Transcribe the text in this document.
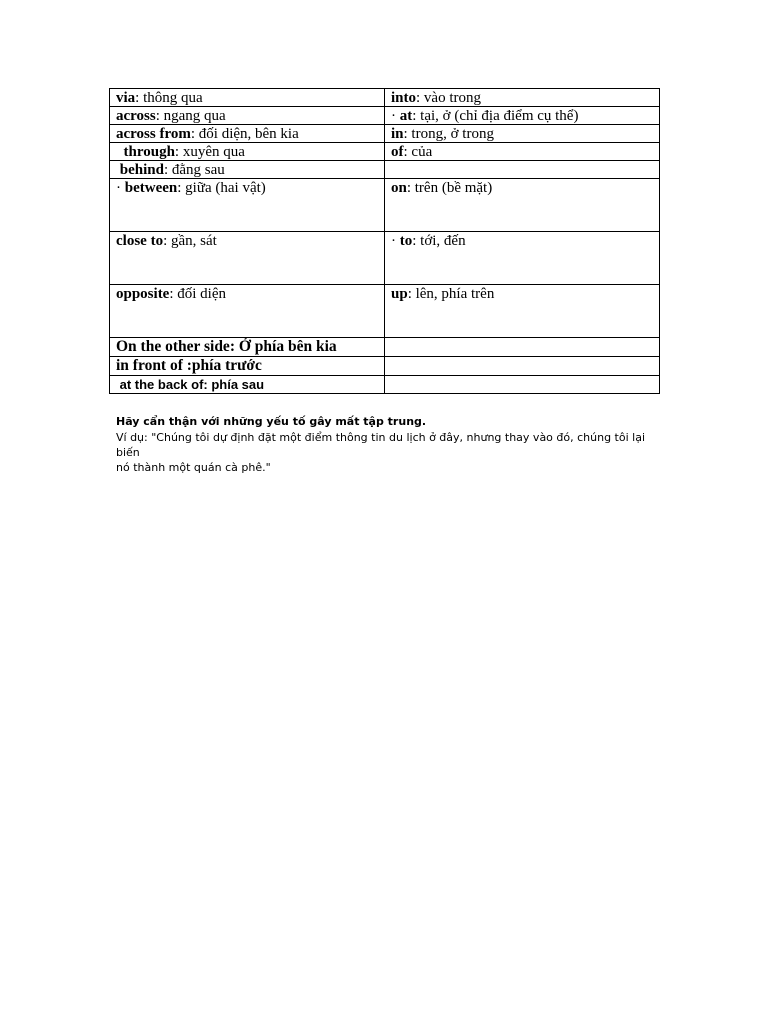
via: thông qua	into: vào trong
across: ngang qua	· at: tại, ở (chỉ địa điểm cụ thể)
across from: đối diện, bên kia	in: trong, ở trong
through: xuyên qua	of: của
behind: đằng sau	
· between: giữa (hai vật)	on: trên (bề mặt)
close to: gần, sát	· to: tới, đến
opposite: đối diện	up: lên, phía trên
On the other side: Ở phía bên kia	
in front of :phía trước	
at the back of: phía sau	

Hãy cẩn thận với những yếu tố gây mất tập trung.

Ví dụ: "Chúng tôi dự định đặt một điểm thông tin du lịch ở đây, nhưng thay vào đó, chúng tôi lại biến

nó thành một quán cà phê."
